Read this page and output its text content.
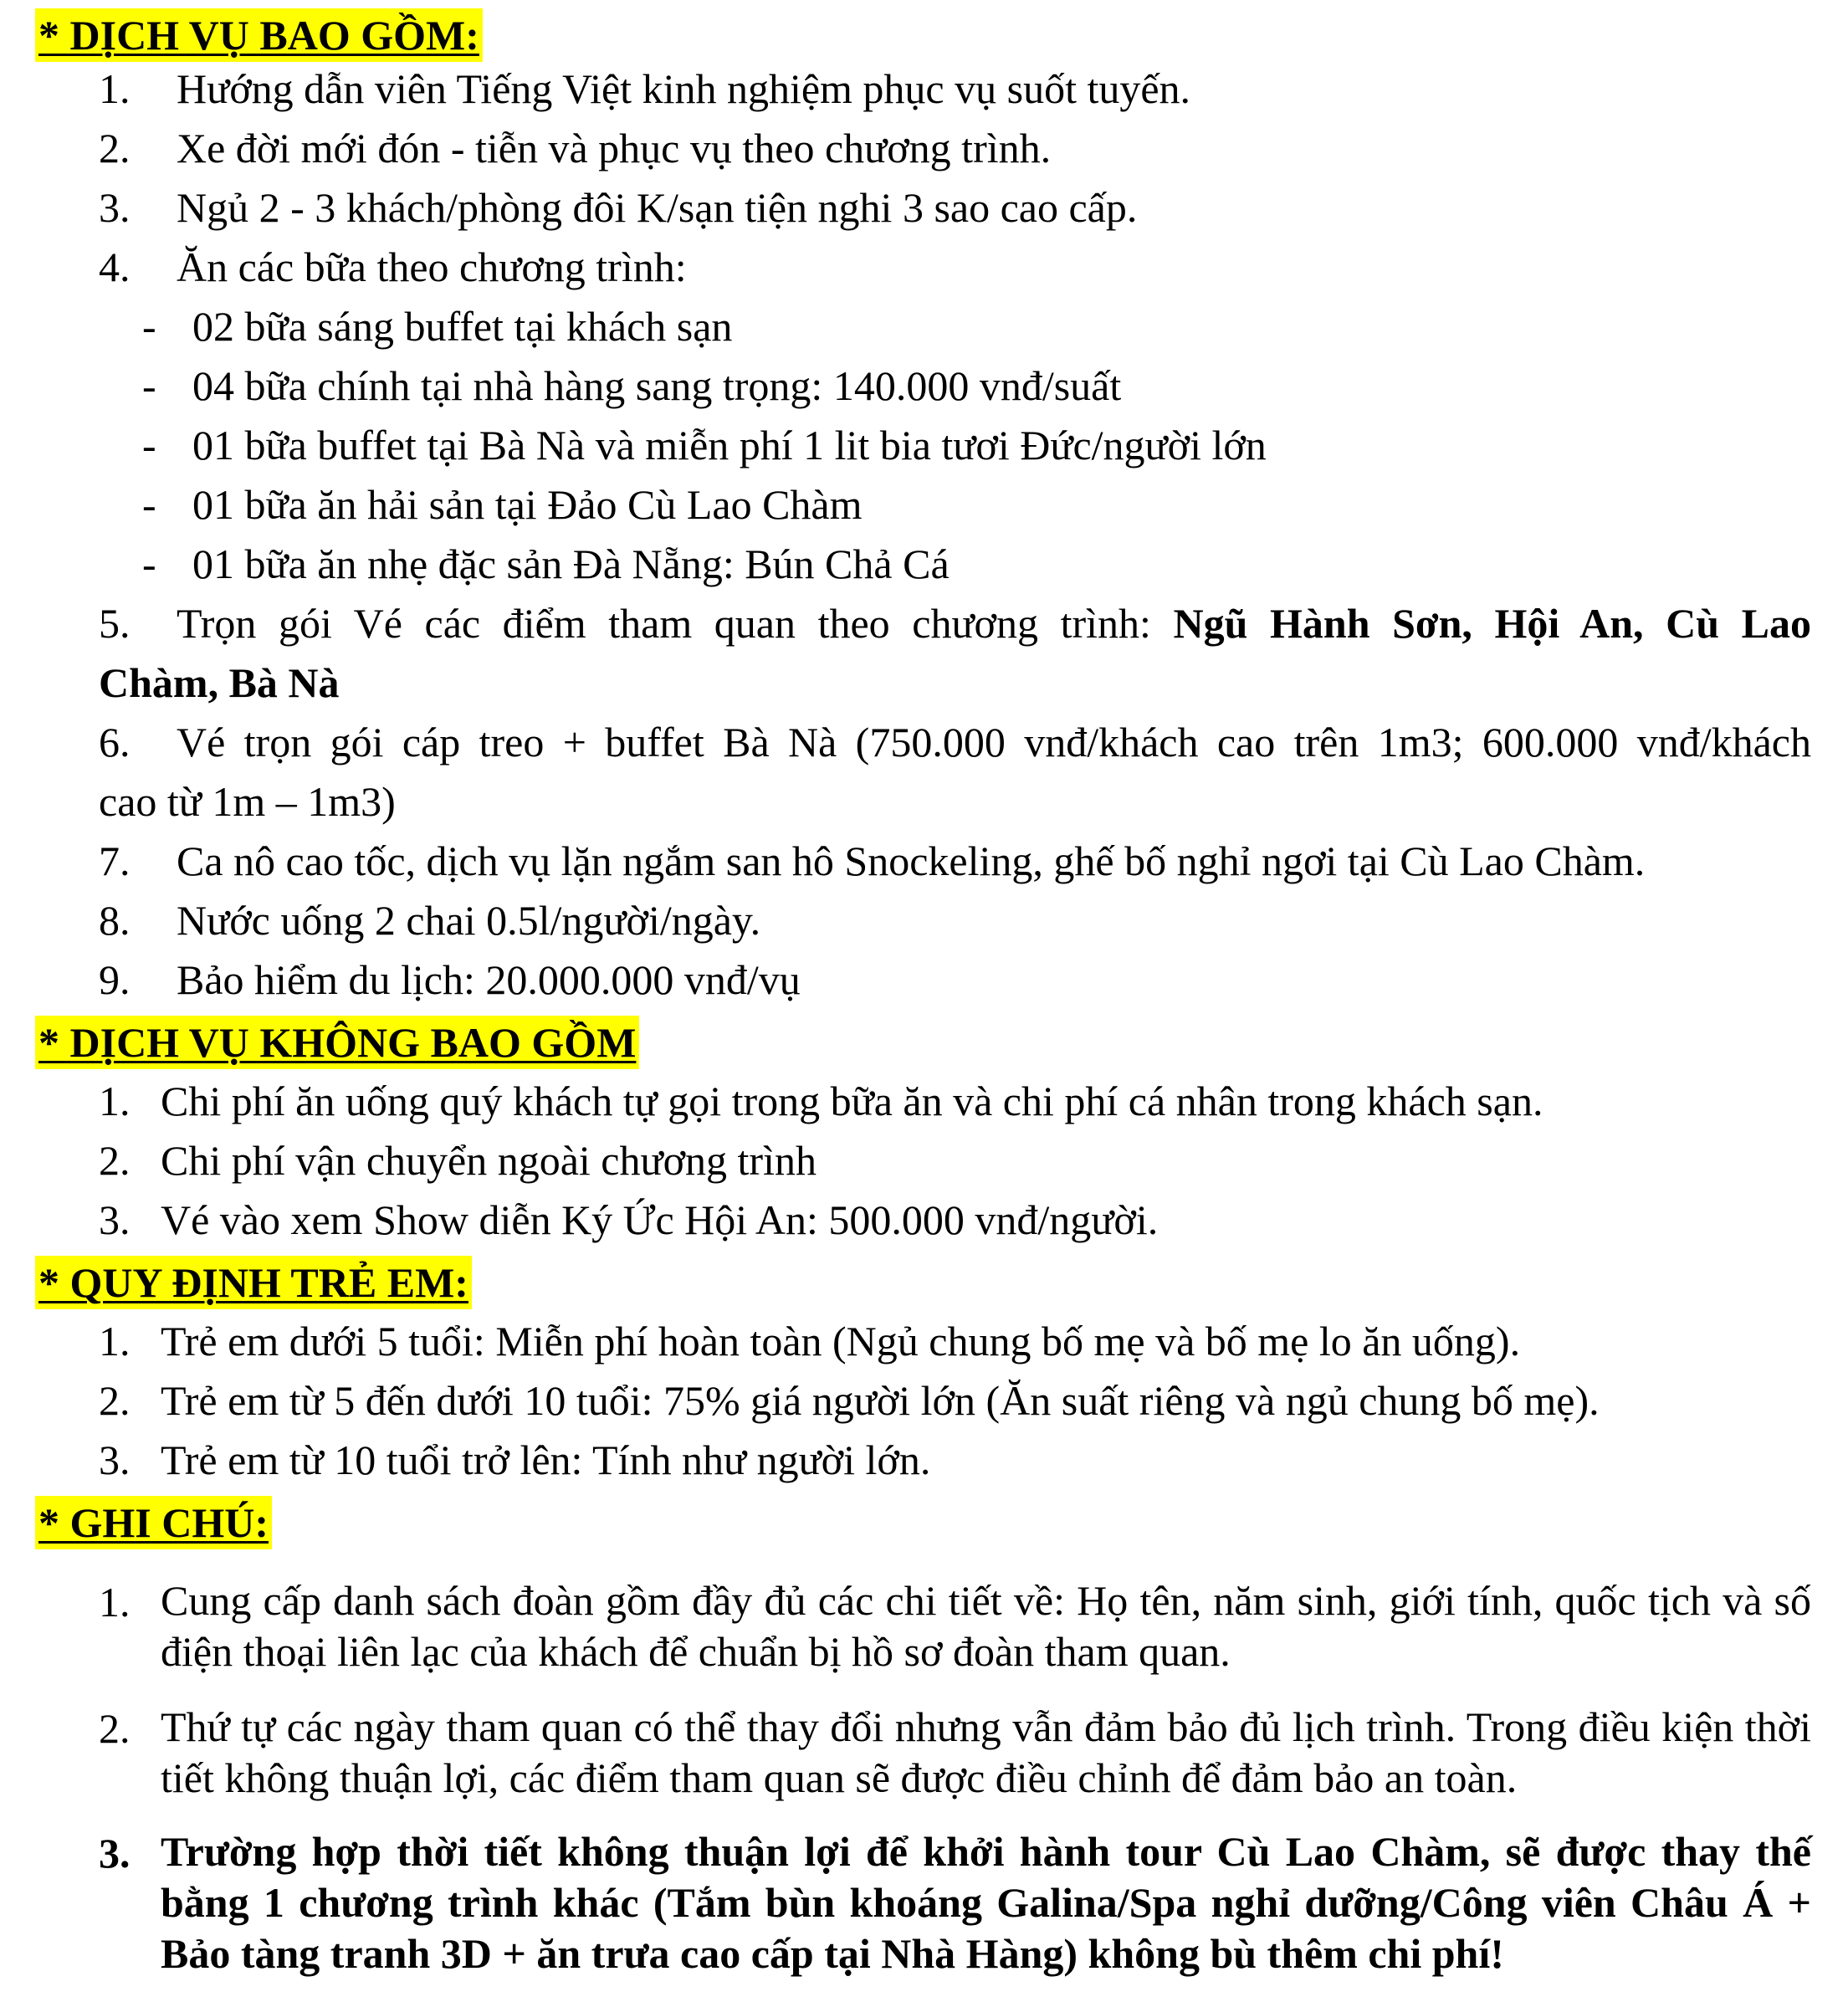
* DỊCH VỤ BAO GỒM:
1. Hướng dẫn viên Tiếng Việt kinh nghiệm phục vụ suốt tuyến.
2. Xe đời mới đón - tiễn và phục vụ theo chương trình.
3. Ngủ 2 - 3 khách/phòng đôi K/sạn tiện nghi 3 sao cao cấp.
4. Ăn các bữa theo chương trình:
- 02 bữa sáng buffet tại khách sạn
- 04 bữa chính tại nhà hàng sang trọng: 140.000 vnđ/suất
- 01 bữa buffet tại Bà Nà và miễn phí 1 lit bia tươi Đức/người lớn
- 01 bữa ăn hải sản tại Đảo Cù Lao Chàm
- 01 bữa ăn nhẹ đặc sản Đà Nẵng: Bún Chả Cá
5. Trọn gói Vé các điểm tham quan theo chương trình: Ngũ Hành Sơn, Hội An, Cù Lao
Chàm, Bà Nà
6. Vé trọn gói cáp treo + buffet Bà Nà (750.000 vnđ/khách cao trên 1m3; 600.000 vnđ/khách
cao từ 1m – 1m3)
7. Ca nô cao tốc, dịch vụ lặn ngắm san hô Snockeling, ghế bố nghỉ ngơi tại Cù Lao Chàm.
8. Nước uống 2 chai 0.5l/người/ngày.
9. Bảo hiểm du lịch: 20.000.000 vnđ/vụ
* DỊCH VỤ KHÔNG BAO GỒM
1. Chi phí ăn uống quý khách tự gọi trong bữa ăn và chi phí cá nhân trong khách sạn.
2. Chi phí vận chuyển ngoài chương trình
3. Vé vào xem Show diễn Ký Ức Hội An: 500.000 vnđ/người.
* QUY ĐỊNH TRẺ EM:
1. Trẻ em dưới 5 tuổi: Miễn phí hoàn toàn (Ngủ chung bố mẹ và bố mẹ lo ăn uống).
2. Trẻ em từ 5 đến dưới 10 tuổi: 75% giá người lớn (Ăn suất riêng và ngủ chung bố mẹ).
3. Trẻ em từ 10 tuổi trở lên: Tính như người lớn.
* GHI CHÚ:
1. Cung cấp danh sách đoàn gồm đầy đủ các chi tiết về: Họ tên, năm sinh, giới tính, quốc tịch và số điện thoại liên lạc của khách để chuẩn bị hồ sơ đoàn tham quan.
2. Thứ tự các ngày tham quan có thể thay đổi nhưng vẫn đảm bảo đủ lịch trình. Trong điều kiện thời tiết không thuận lợi, các điểm tham quan sẽ được điều chỉnh để đảm bảo an toàn.
3. Trường hợp thời tiết không thuận lợi để khởi hành tour Cù Lao Chàm, sẽ được thay thế bằng 1 chương trình khác (Tắm bùn khoáng Galina/Spa nghỉ dưỡng/Công viên Châu Á + Bảo tàng tranh 3D + ăn trưa cao cấp tại Nhà Hàng) không bù thêm chi phí!
